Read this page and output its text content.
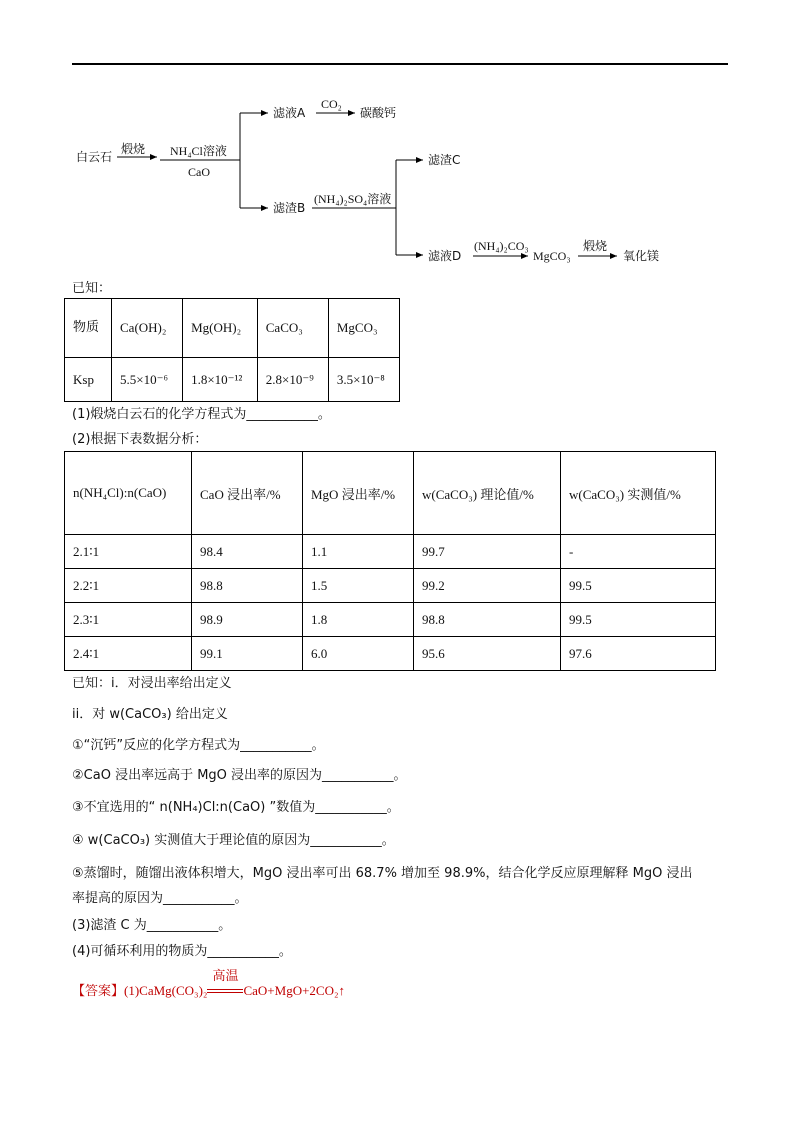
白云石
煅烧 NH₄Cl溶液
CaO
滤液A
CO₂
碳酸钙
滤渣B
(NH₄)₂SO₄溶液
滤渣C
滤液D
(NH₄)₂CO₃
MgCO₃
煅烧
氧化镁
已知：
物质	Ca(OH)₂	Mg(OH)₂	CaCO₃	MgCO₃
Ksp	5.5×10⁻⁶	1.8×10⁻¹²	2.8×10⁻⁹	3.5×10⁻⁸
(1)煅烧白云石的化学方程式为___________。
(2)根据下表数据分析：
n(NH₄Cl):n(CaO)	CaO 浸出率/%	MgO 浸出率/%	w(CaCO₃) 理论值/%	w(CaCO₃) 实测值/%
2.1∶1	98.4	1.1	99.7	-
2.2∶1	98.8	1.5	99.2	99.5
2.3∶1	98.9	1.8	98.8	99.5
2.4∶1	99.1	6.0	95.6	97.6
已知：i．对浸出率给出定义
ii．对 w(CaCO₃) 给出定义
①“沉钙”反应的化学方程式为___________。
②CaO 浸出率远高于 MgO 浸出率的原因为___________。
③不宜选用的“ n(NH₄)Cl:n(CaO) ”数值为___________。
④ w(CaCO₃) 实测值大于理论值的原因为___________。
⑤蒸馏时，随馏出液体积增大，MgO 浸出率可出 68.7% 增加至 98.9%，结合化学反应原理解释 MgO 浸出
率提高的原因为___________。
(3)滤渣 C 为___________。
(4)可循环利用的物质为___________。
【答案】(1)CaMg(CO₃)₂
高温
CaO+MgO+2CO₂↑
